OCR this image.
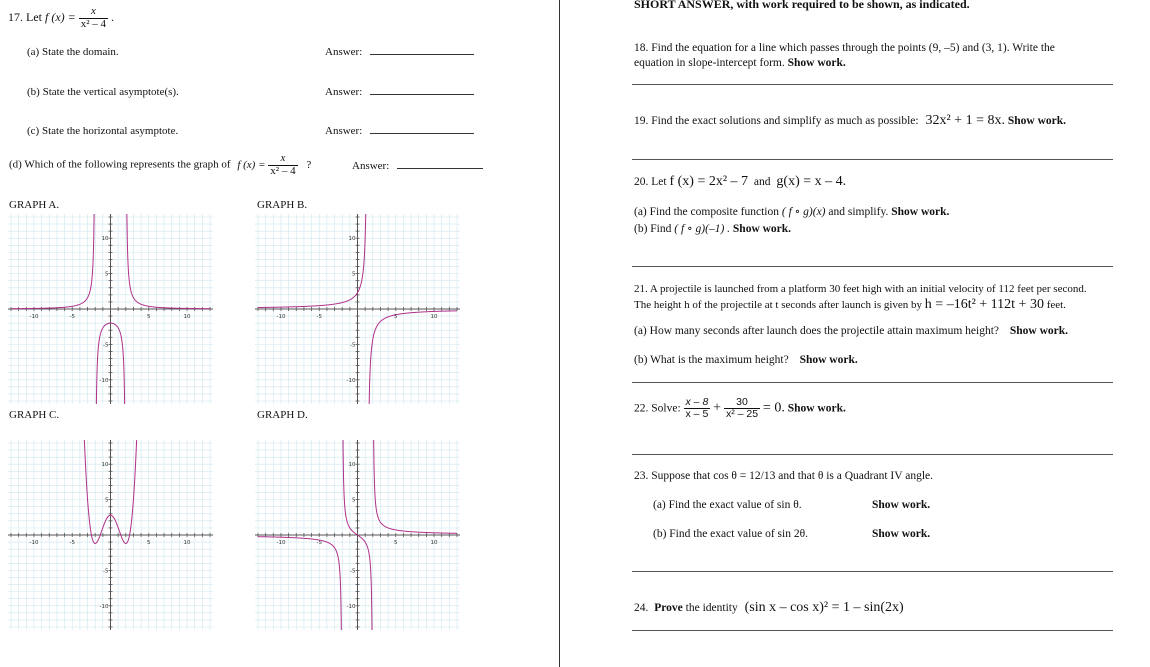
17. Let f $(x) = \frac{x}{\text{x² – 4}}$ .
(a) State the domain.	Answer:
(b) State the vertical asymptote(s).	Answer:
(c) State the horizontal asymptote.	Answer:
(d) Which of the following represents the graph of f $(x) = \frac{x}{\text{x² – 4}}$ ?	Answer:
GRAPH A.	GRAPH B.
GRAPH C.	GRAPH D.
-10	-5	5	10
10
5
-5
-10
-10	-5	5	10
10
5
-5
-10
-10	-5	5	10
10
5
-5
-10
-10	-5	5	10
10
5
-5
-10
SHORT ANSWER, with work required to be shown, as indicated.
18. Find the equation for a line which passes through the points (9, –5) and (3, 1). Write the
equation in slope-intercept form. Show work.
19. Find the exact solutions and simplify as much as possible: 32x² + 1 = 8x. Show work.
20. Let f (x) = 2x² – 7 and g(x) = x – 4.
(a) Find the composite function ( f ∘ g)(x) and simplify. Show work.
(b) Find ( f ∘ g)(–1) . Show work.
21. A projectile is launched from a platform 30 feet high with an initial velocity of 112 feet per second.
The height h of the projectile at t seconds after launch is given by h = –16t² + 112t + 30 feet.
(a) How many seconds after launch does the projectile attain maximum height? Show work.
(b) What is the maximum height? Show work.
22. Solve: $\frac{x - 8}{x - 5} + \frac{30}{\text{x² – 25}} = 0$. Show work.
23. Suppose that cos θ = 12/13 and that θ is a Quadrant IV angle.
(a) Find the exact value of sin θ.	Show work.
(b) Find the exact value of sin 2θ.	Show work.
24. Prove the identity (sin x – cos x)² = 1 – sin(2x)
